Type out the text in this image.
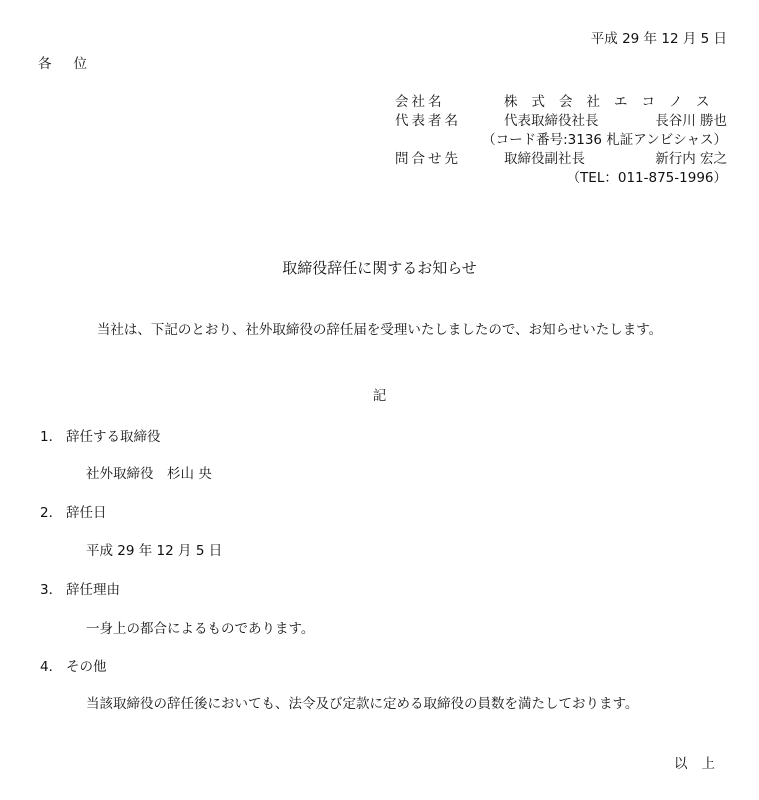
平成 29 年 12 月 5 日
各位
会社名	株式会社エコノス
代表者名	代表取締役社長	長谷川 勝也
（コード番号:3136 札証アンビシャス）
問合せ先	取締役副社長	新行内 宏之
（TEL：011-875-1996）
取締役辞任に関するお知らせ
当社は、下記のとおり、社外取締役の辞任届を受理いたしましたので、お知らせいたします。
記
1． 辞任する取締役
社外取締役　杉山 央
2． 辞任日
平成 29 年 12 月 5 日
3． 辞任理由
一身上の都合によるものであります。
4． その他
当該取締役の辞任後においても、法令及び定款に定める取締役の員数を満たしております。
以上
